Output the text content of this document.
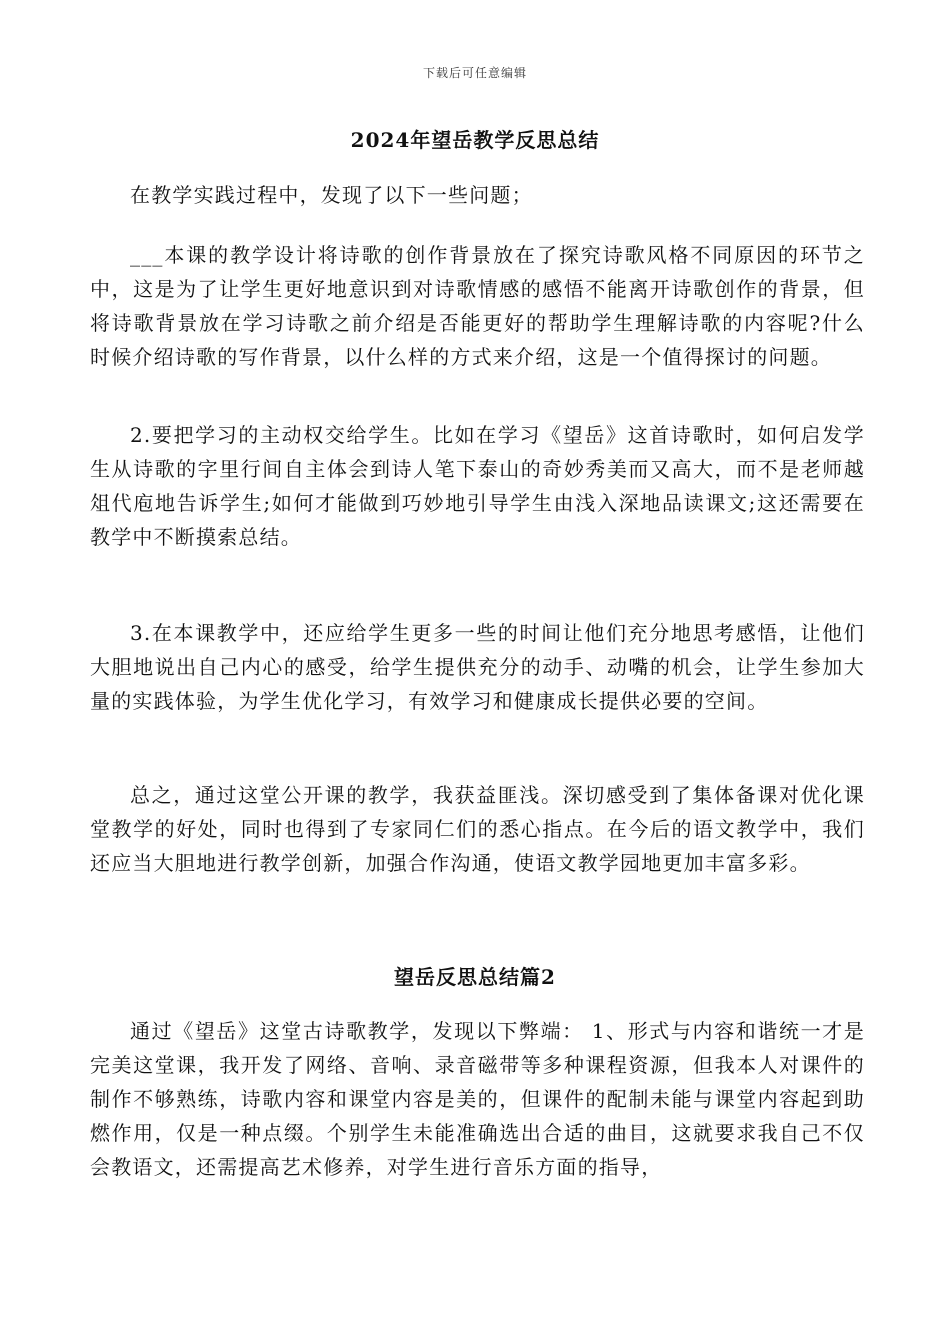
下载后可任意编辑
2024年望岳教学反思总结

在教学实践过程中，发现了以下一些问题；

___本课的教学设计将诗歌的创作背景放在了探究诗歌风格不同原因的环节之中，这是为了让学生更好地意识到对诗歌情感的感悟不能离开诗歌创作的背景，但将诗歌背景放在学习诗歌之前介绍是否能更好的帮助学生理解诗歌的内容呢?什么时候介绍诗歌的写作背景，以什么样的方式来介绍，这是一个值得探讨的问题。

2.要把学习的主动权交给学生。比如在学习《望岳》这首诗歌时，如何启发学生从诗歌的字里行间自主体会到诗人笔下泰山的奇妙秀美而又高大，而不是老师越俎代庖地告诉学生;如何才能做到巧妙地引导学生由浅入深地品读课文;这还需要在教学中不断摸索总结。

3.在本课教学中，还应给学生更多一些的时间让他们充分地思考感悟，让他们大胆地说出自己内心的感受，给学生提供充分的动手、动嘴的机会，让学生参加大量的实践体验，为学生优化学习，有效学习和健康成长提供必要的空间。

总之，通过这堂公开课的教学，我获益匪浅。深切感受到了集体备课对优化课堂教学的好处，同时也得到了专家同仁们的悉心指点。在今后的语文教学中，我们还应当大胆地进行教学创新，加强合作沟通，使语文教学园地更加丰富多彩。

望岳反思总结篇2

通过《望岳》这堂古诗歌教学，发现以下弊端： 1、形式与内容和谐统一才是完美这堂课，我开发了网络、音响、录音磁带等多种课程资源，但我本人对课件的制作不够熟练，诗歌内容和课堂内容是美的，但课件的配制未能与课堂内容起到助燃作用，仅是一种点缀。个别学生未能准确选出合适的曲目，这就要求我自己不仅会教语文，还需提高艺术修养，对学生进行音乐方面的指导，
